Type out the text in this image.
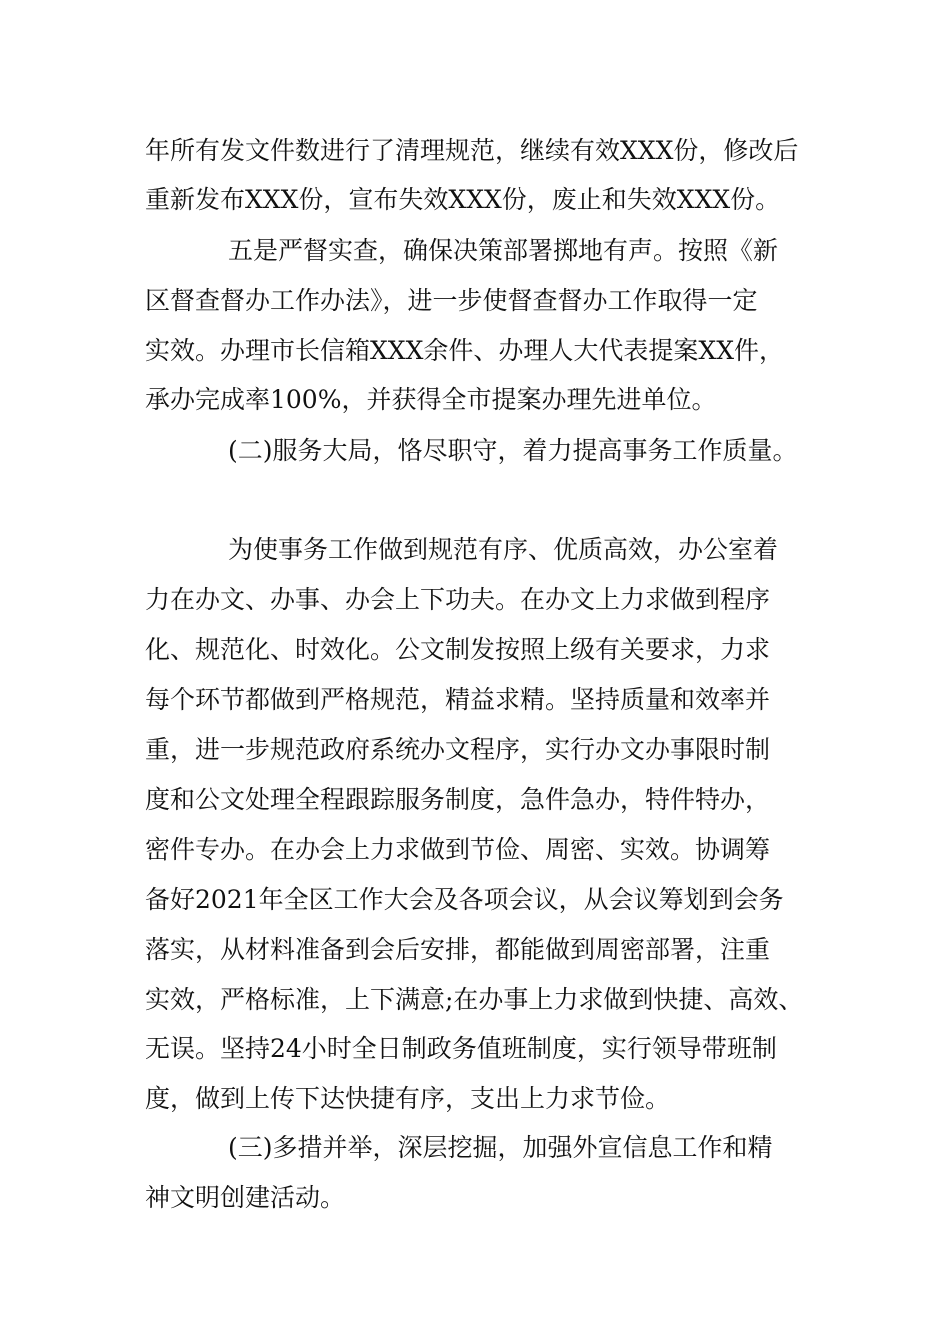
年所有发文件数进行了清理规范，继续有效XXX份，修改后

重新发布XXX份，宣布失效XXX份，废止和失效XXX份。

五是严督实查，确保决策部署掷地有声。按照《新

区督查督办工作办法》，进一步使督查督办工作取得一定

实效。办理市长信箱XXX余件、办理人大代表提案XX件，

承办完成率100%，并获得全市提案办理先进单位。

(二)服务大局，恪尽职守，着力提高事务工作质量。

为使事务工作做到规范有序、优质高效，办公室着

力在办文、办事、办会上下功夫。在办文上力求做到程序

化、规范化、时效化。公文制发按照上级有关要求，力求

每个环节都做到严格规范，精益求精。坚持质量和效率并

重，进一步规范政府系统办文程序，实行办文办事限时制

度和公文处理全程跟踪服务制度，急件急办，特件特办，

密件专办。在办会上力求做到节俭、周密、实效。协调筹

备好2021年全区工作大会及各项会议，从会议筹划到会务

落实，从材料准备到会后安排，都能做到周密部署，注重

实效，严格标准，上下满意;在办事上力求做到快捷、高效、

无误。坚持24小时全日制政务值班制度，实行领导带班制

度，做到上传下达快捷有序，支出上力求节俭。

(三)多措并举，深层挖掘，加强外宣信息工作和精

神文明创建活动。
